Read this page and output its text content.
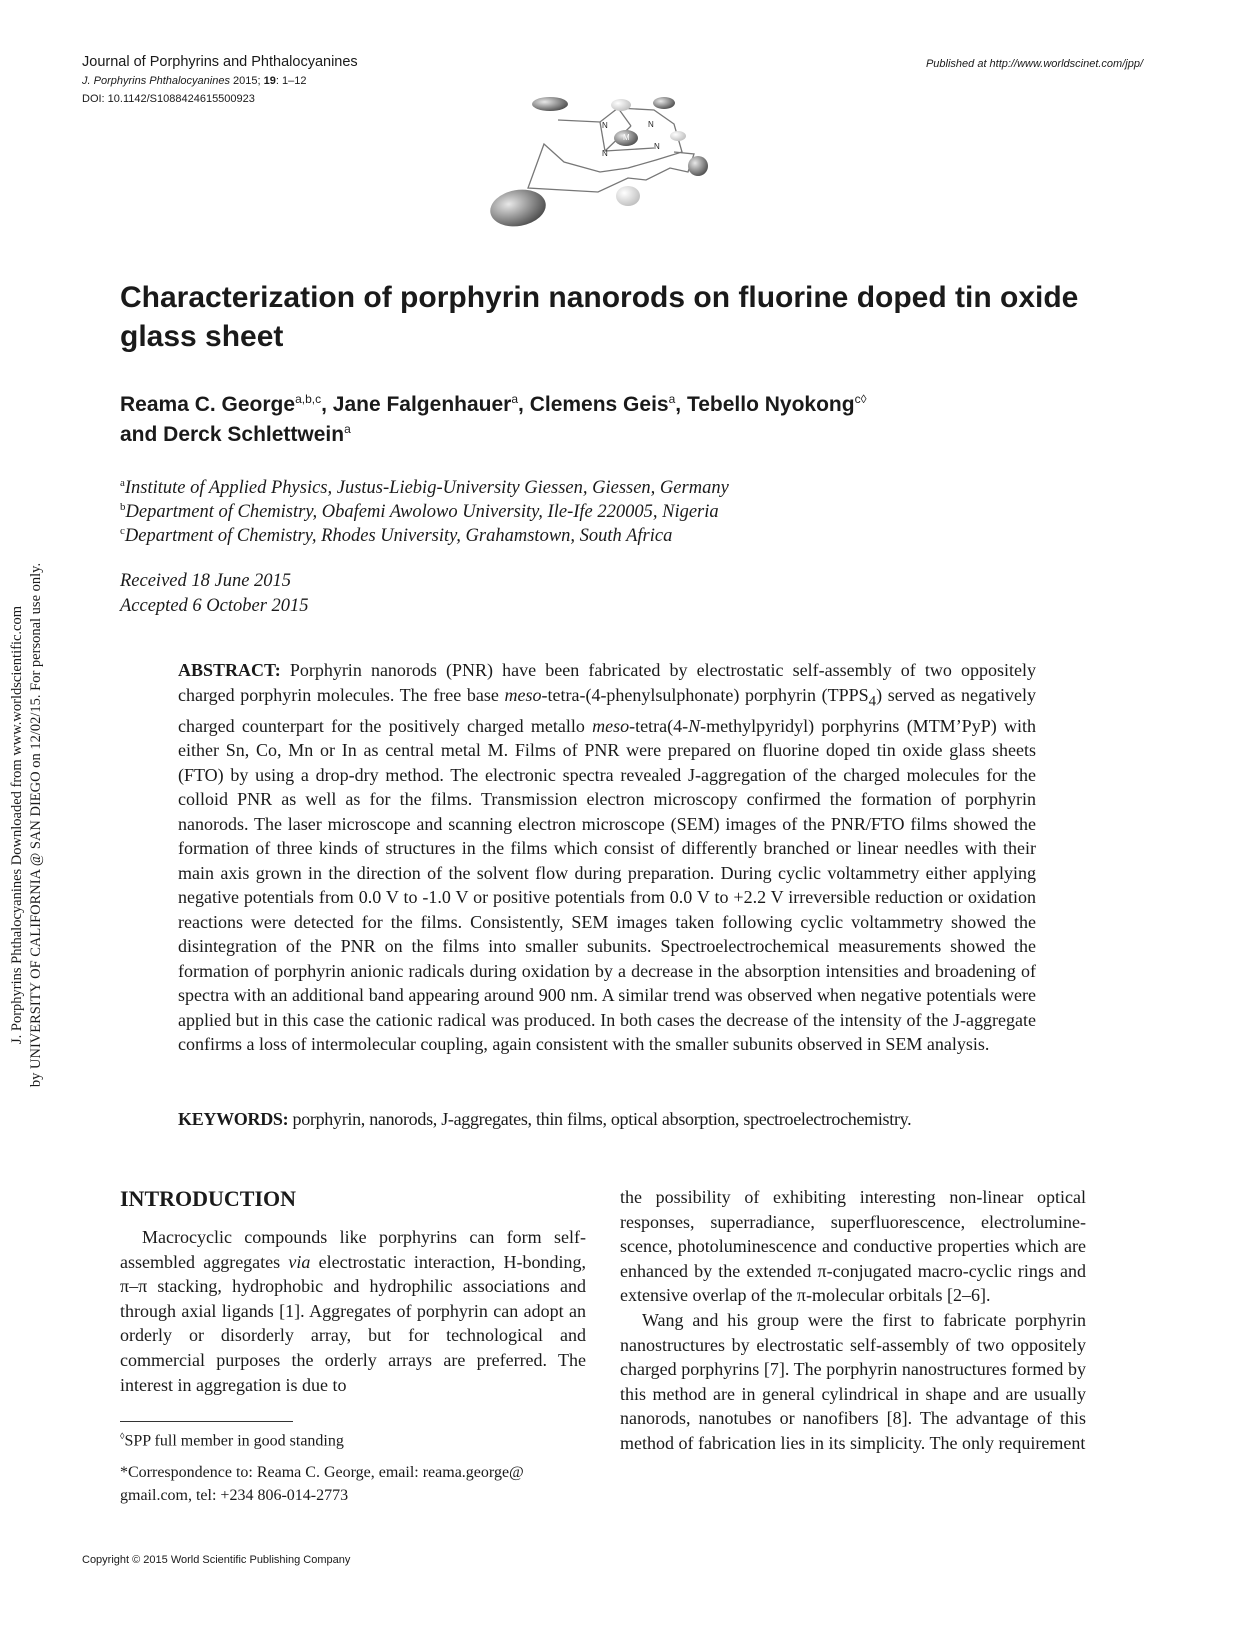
Journal of Porphyrins and Phthalocyanines
J. Porphyrins Phthalocyanines 2015; 19: 1–12
DOI: 10.1142/S1088424615500923
Published at http://www.worldscinet.com/jpp/
N	N
M
N
N
Characterization of porphyrin nanorods on fluorine doped tin oxide glass sheet
Reama C. George$^{a,b,c}$, Jane Falgenhauer$^a$, Clemens Geis$^a$, Tebello Nyokong$^{c◊}$
and Derck Schlettwein$^a$
$^a$Institute of Applied Physics, Justus-Liebig-University Giessen, Giessen, Germany
$^b$Department of Chemistry, Obafemi Awolowo University, Ile-Ife 220005, Nigeria
$^c$Department of Chemistry, Rhodes University, Grahamstown, South Africa
Received 18 June 2015
Accepted 6 October 2015
ABSTRACT: Porphyrin nanorods (PNR) have been fabricated by electrostatic self-assembly of two oppositely charged porphyrin molecules. The free base meso-tetra-(4-phenylsulphonate) porphyrin $(TPPS_4)$ served as negatively charged counterpart for the positively charged metallo meso-tetra(4-N-methylpyridyl) porphyrins (MTM’PyP) with either Sn, Co, Mn or In as central metal M. Films of PNR were prepared on fluorine doped tin oxide glass sheets (FTO) by using a drop-dry method. The electronic spectra revealed J-aggregation of the charged molecules for the colloid PNR as well as for the films. Transmission electron microscopy confirmed the formation of porphyrin nanorods. The laser microscope and scanning electron microscope (SEM) images of the PNR/FTO films showed the formation of three kinds of structures in the films which consist of differently branched or linear needles with their main axis grown in the direction of the solvent flow during preparation. During cyclic voltammetry either applying negative potentials from 0.0 V to -1.0 V or positive potentials from 0.0 V to +2.2 V irreversible reduction or oxidation reactions were detected for the films. Consistently, SEM images taken following cyclic voltammetry showed the disintegration of the PNR on the films into smaller subunits. Spectroelectrochemical measurements showed the formation of porphyrin anionic radicals during oxidation by a decrease in the absorption intensities and broadening of spectra with an additional band appearing around 900 nm. A similar trend was observed when negative potentials were applied but in this case the cationic radical was produced. In both cases the decrease of the intensity of the J-aggregate confirms a loss of intermolecular coupling, again consistent with the smaller subunits observed in SEM analysis.
KEYWORDS: porphyrin, nanorods, J-aggregates, thin films, optical absorption, spectroelectrochemistry.
J. Porphyrins Phthalocyanines Downloaded from www.worldscientific.com by UNIVERSITY OF CALIFORNIA @ SAN DIEGO on 12/02/15. For personal use only.
INTRODUCTION

Macrocyclic compounds like porphyrins can form self-assembled aggregates via electrostatic interaction, H-bonding, π–π stacking, hydrophobic and hydrophilic associations and through axial ligands [1]. Aggregates of porphyrin can adopt an orderly or disorderly array, but for technological and commercial purposes the orderly arrays are preferred. The interest in aggregation is due to

the possibility of exhibiting interesting non-linear optical responses, superradiance, superfluorescence, electrolumine-scence, photoluminescence and conductive properties which are enhanced by the extended π-conjugated macro-cyclic rings and extensive overlap of the π-molecular orbitals [2–6].

Wang and his group were the first to fabricate porphyrin nanostructures by electrostatic self-assembly of two oppositely charged porphyrins [7]. The porphyrin nanostructures formed by this method are in general cylindrical in shape and are usually nanorods, nanotubes or nanofibers [8]. The advantage of this method of fabrication lies in its simplicity. The only requirement

◊SPP full member in good standing
*Correspondence to: Reama C. George, email: reama.george@ gmail.com, tel: +234 806-014-2773
Copyright © 2015 World Scientific Publishing Company
